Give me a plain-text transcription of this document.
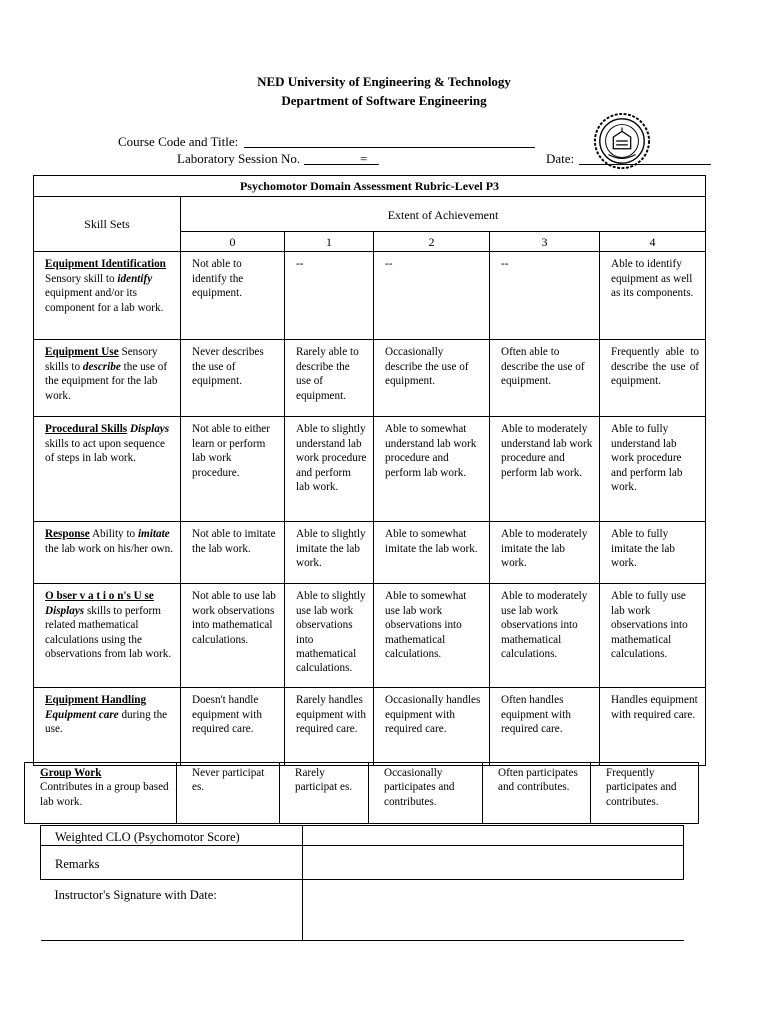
NED University of Engineering & Technology
Department of Software Engineering
Course Code and Title:
Laboratory Session No.	=	Date:
Psychomotor Domain Assessment Rubric-Level P3					
Skill Sets	Extent of Achievement				
	0	1	2	3	4
Equipment Identification Sensory skill to identify equipment and/or its component for a lab work.	Not able to identify the equipment.	--	--	--	Able to identify equipment as well as its components.
Equipment Use Sensory skills to describe the use of the equipment for the lab work.	Never describes the use of equipment.	Rarely able to describe the use of equipment.	Occasionally describe the use of equipment.	Often able to describe the use of equipment.	Frequently able to describe the use of equipment.
Procedural Skills Displays skills to act upon sequence of steps in lab work.	Not able to either learn or perform lab work procedure.	Able to slightly understand lab work procedure and perform lab work.	Able to somewhat understand lab work procedure and perform lab work.	Able to moderately understand lab work procedure and perform lab work.	Able to fully understand lab work procedure and perform lab work.
Response Ability to imitate the lab work on his/her own.	Not able to imitate the lab work.	Able to slightly imitate the lab work.	Able to somewhat imitate the lab work.	Able to moderately imitate the lab work.	Able to fully imitate the lab work.
O bser v a t i o n's U se Displays skills to perform related mathematical calculations using the observations from lab work.	Not able to use lab work observations into mathematical calculations.	Able to slightly use lab work observations into mathematical calculations.	Able to somewhat use lab work observations into mathematical calculations.	Able to moderately use lab work observations into mathematical calculations.	Able to fully use lab work observations into mathematical calculations.
Equipment Handling Equipment care during the use.	Doesn't handle equipment with required care.	Rarely handles equipment with required care.	Occasionally handles equipment with required care.	Often handles equipment with required care.	Handles equipment with required care.
Group Work
Contributes in a group based lab work.	Never participat es.	Rarely participat es.	Occasionally participates and contributes.	Often participates and contributes.	Frequently participates and contributes.
Weighted CLO (Psychomotor Score)	
Remarks	
Instructor's Signature with Date:	
